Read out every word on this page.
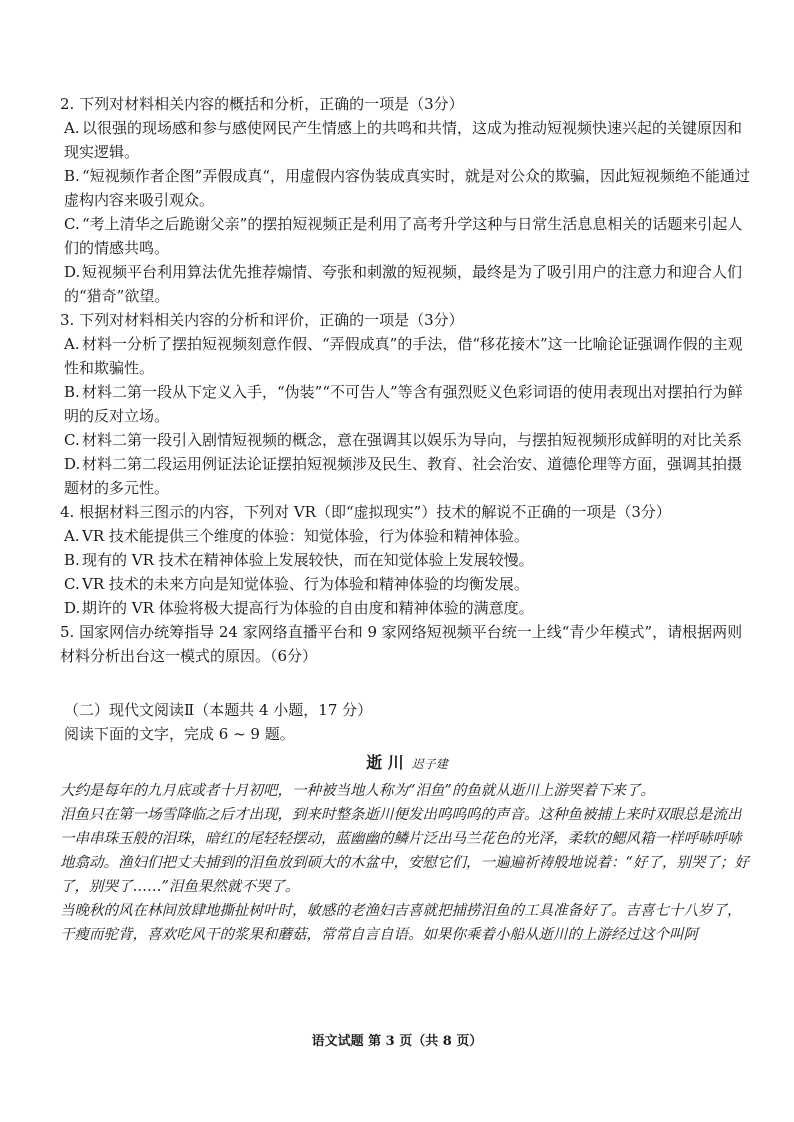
2. 下列对材料相关内容的概括和分析，正确的一项是（3分）

A. 以很强的现场感和参与感使网民产生情感上的共鸣和共情，这成为推动短视频快速兴起的关键原因和现实逻辑。
B. “短视频作者企图”弄假成真“，用虚假内容伪装成真实时，就是对公众的欺骗，因此短视频绝不能通过虚构内容来吸引观众。
C. “考上清华之后跪谢父亲”的摆拍短视频正是利用了高考升学这种与日常生活息息相关的话题来引起人们的情感共鸣。
D. 短视频平台利用算法优先推荐煽情、夸张和刺激的短视频，最终是为了吸引用户的注意力和迎合人们的“猎奇”欲望。

3. 下列对材料相关内容的分析和评价，正确的一项是（3分）

A. 材料一分析了摆拍短视频刻意作假、“弄假成真”的手法，借“移花接木”这一比喻论证强调作假的主观性和欺骗性。
B. 材料二第一段从下定义入手，“伪装”“不可告人”等含有强烈贬义色彩词语的使用表现出对摆拍行为鲜明的反对立场。
C. 材料二第一段引入剧情短视频的概念，意在强调其以娱乐为导向，与摆拍短视频形成鲜明的对比关系
D. 材料二第二段运用例证法论证摆拍短视频涉及民生、教育、社会治安、道德伦理等方面，强调其拍摄题材的多元性。

4. 根据材料三图示的内容，下列对 VR（即“虚拟现实”）技术的解说不正确的一项是（3分）

A. VR 技术能提供三个维度的体验：知觉体验，行为体验和精神体验。
B. 现有的 VR 技术在精神体验上发展较快，而在知觉体验上发展较慢。
C. VR 技术的未来方向是知觉体验、行为体验和精神体验的均衡发展。
D. 期许的 VR 体验将极大提高行为体验的自由度和精神体验的满意度。

5. 国家网信办统筹指导 24 家网络直播平台和 9 家网络短视频平台统一上线“青少年模式”，请根据两则材料分析出台这一模式的原因。（6分）

（二）现代文阅读Ⅱ（本题共 4 小题，17 分）

阅读下面的文字，完成 6 ~ 9 题。

逝 川 迟子建

大约是每年的九月底或者十月初吧，一种被当地人称为“泪鱼”的鱼就从逝川上游哭着下来了。

泪鱼只在第一场雪降临之后才出现，到来时整条逝川便发出呜呜呜的声音。这种鱼被捕上来时双眼总是流出一串串珠玉般的泪珠，暗红的尾轻轻摆动，蓝幽幽的鳞片泛出马兰花色的光泽，柔软的鳃风箱一样呼哧呼哧地翕动。渔妇们把丈夫捕到的泪鱼放到硕大的木盆中，安慰它们，一遍遍祈祷般地说着：“好了，别哭了；好了，别哭了……”泪鱼果然就不哭了。

当晚秋的风在林间放肆地撕扯树叶时，敏感的老渔妇吉喜就把捕捞泪鱼的工具准备好了。吉喜七十八岁了，干瘦而驼背，喜欢吃风干的浆果和蘑菇，常常自言自语。如果你乘着小船从逝川的上游经过这个叫阿

语文试题 第 3 页（共 8 页）
